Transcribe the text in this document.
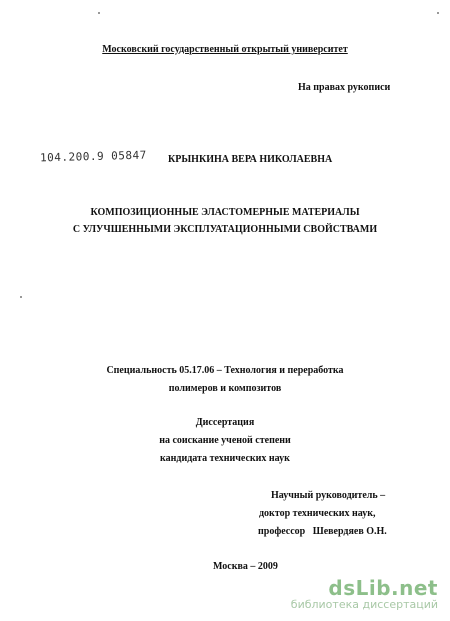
Московский государственный открытый университет
На правах рукописи
104.200.9 05847 КРЫНКИНА ВЕРА НИКОЛАЕВНА
КОМПОЗИЦИОННЫЕ ЭЛАСТОМЕРНЫЕ МАТЕРИАЛЫ
С УЛУЧШЕННЫМИ ЭКСПЛУАТАЦИОННЫМИ СВОЙСТВАМИ
Специальность 05.17.06 – Технология и переработка
полимеров и композитов
Диссертация
на соискание ученой степени
кандидата технических наук
Научный руководитель –
доктор технических наук,
профессор   Шевердяев О.Н.
Москва – 2009
dsLib.net
библиотека диссертаций
